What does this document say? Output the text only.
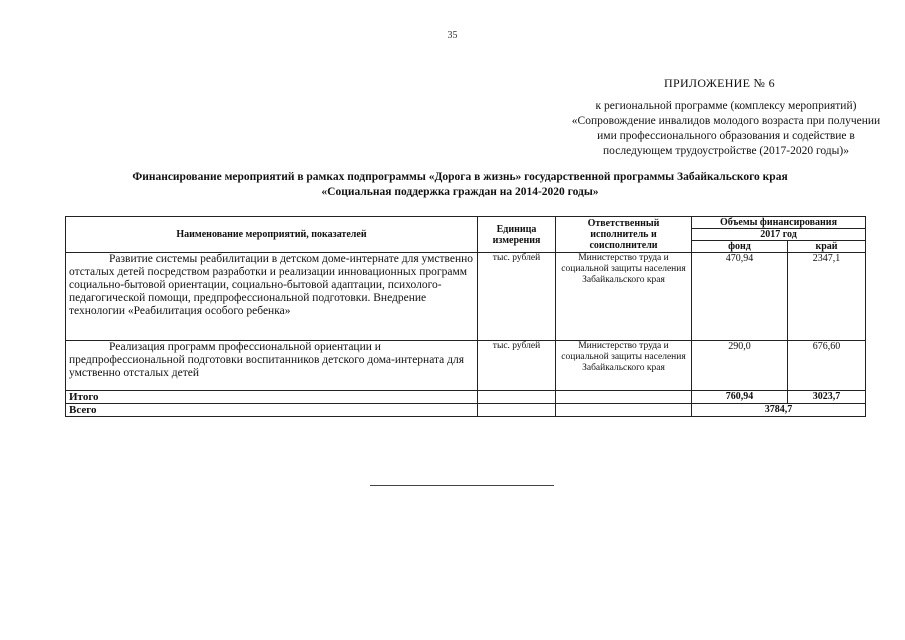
35
ПРИЛОЖЕНИЕ № 6
к региональной программе (комплексу мероприятий) «Сопровождение инвалидов молодого возраста при получении ими профессионального образования и содействие в последующем трудоустройстве (2017-2020 годы)»
Финансирование мероприятий в рамках подпрограммы «Дорога в жизнь» государственной программы Забайкальского края
«Социальная поддержка граждан на 2014-2020 годы»
Наименование мероприятий, показателей	Единица измерения	Ответственный исполнитель и соисполнители	Объемы финансирования	
			2017 год	
			фонд	край
Развитие системы реабилитации в детском доме-интернате для умственно отсталых детей посредством разработки и реализации инновационных программ социально-бытовой ориентации, социально-бытовой адаптации, психолого-педагогической помощи, предпрофессиональной подготовки. Внедрение технологии «Реабилитация особого ребенка»	тыс. рублей	Министерство труда и социальной защиты населения Забайкальского края	470,94	2347,1
Реализация программ профессиональной ориентации и предпрофессиональной подготовки воспитанников детского дома-интерната для умственно отсталых детей	тыс. рублей	Министерство труда и социальной защиты населения Забайкальского края	290,0	676,60
Итого			760,94	3023,7
Всего			3784,7	
